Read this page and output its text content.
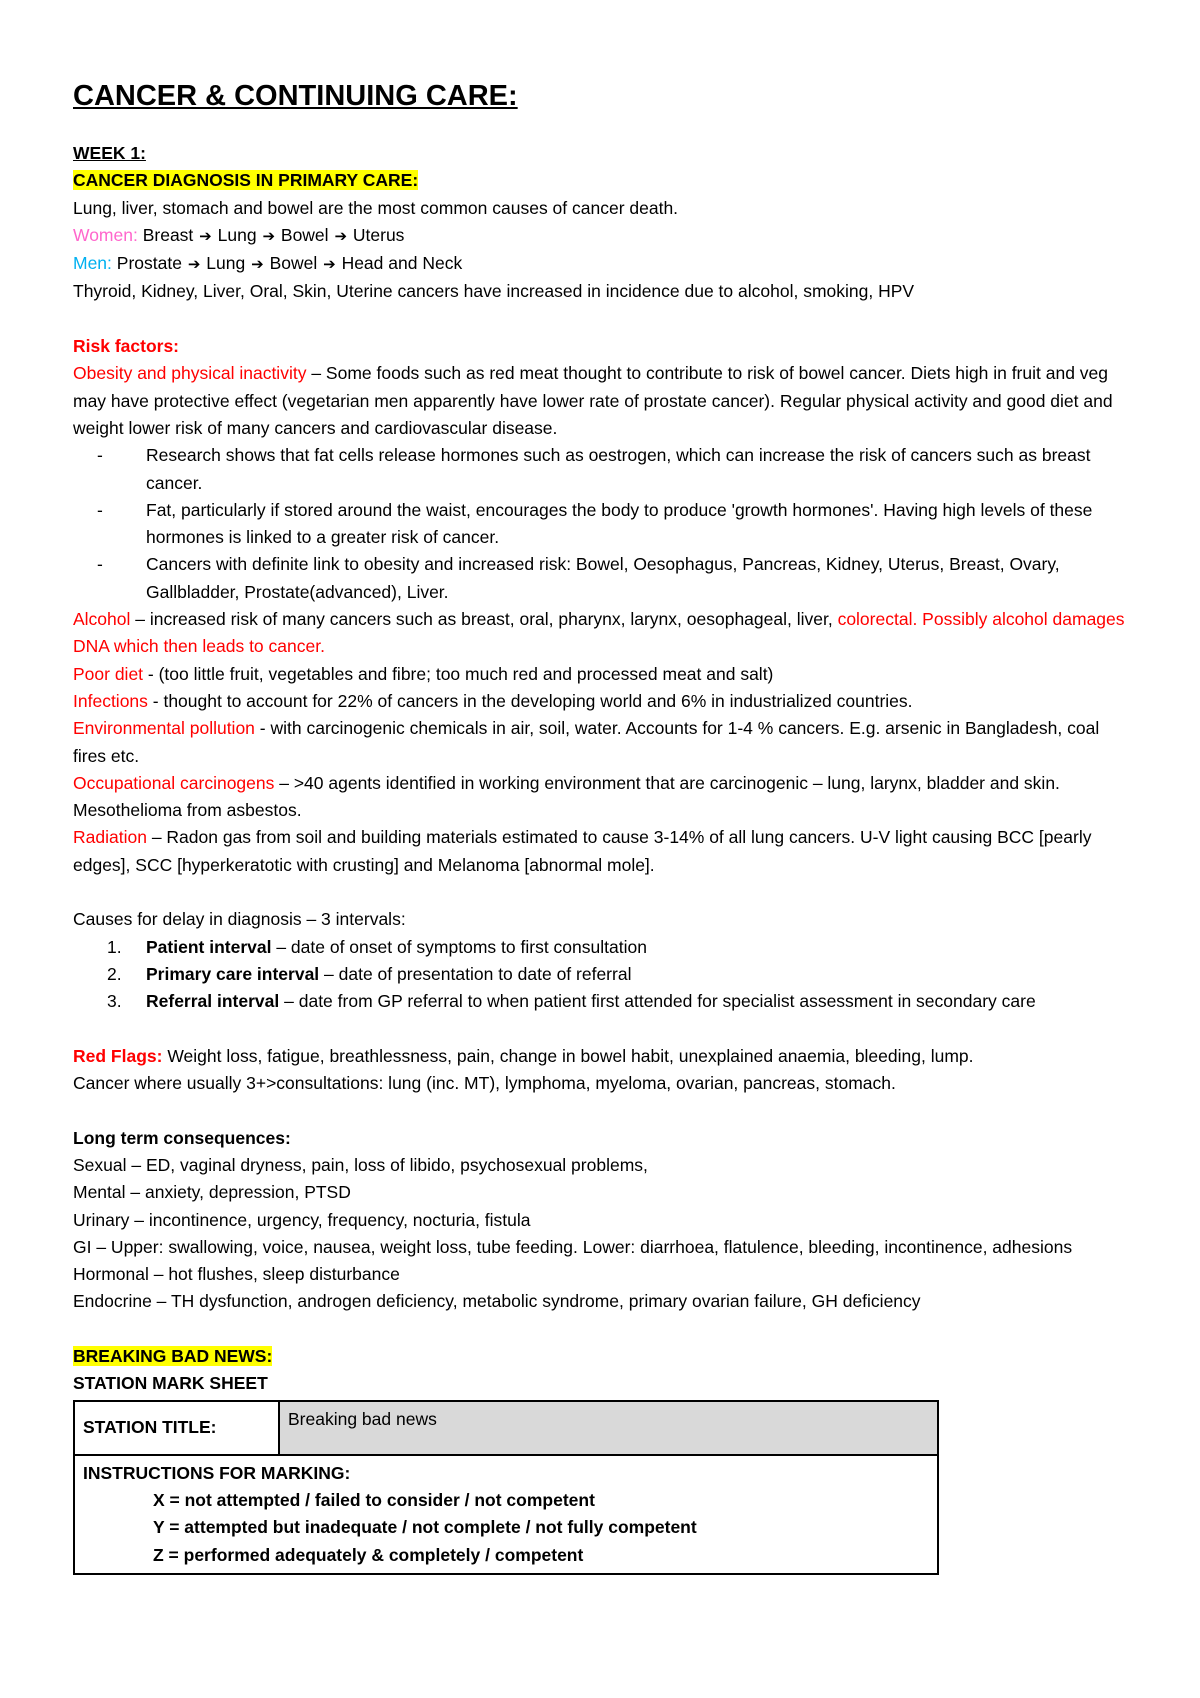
CANCER & CONTINUING CARE:
WEEK 1:
CANCER DIAGNOSIS IN PRIMARY CARE:
Lung, liver, stomach and bowel are the most common causes of cancer death.
Women: Breast ➔ Lung ➔ Bowel ➔ Uterus
Men: Prostate ➔ Lung ➔ Bowel ➔ Head and Neck
Thyroid, Kidney, Liver, Oral, Skin, Uterine cancers have increased in incidence due to alcohol, smoking, HPV
Risk factors:
Obesity and physical inactivity – Some foods such as red meat thought to contribute to risk of bowel cancer. Diets high in fruit and veg may have protective effect (vegetarian men apparently have lower rate of prostate cancer). Regular physical activity and good diet and weight lower risk of many cancers and cardiovascular disease.
- Research shows that fat cells release hormones such as oestrogen, which can increase the risk of cancers such as breast cancer.
- Fat, particularly if stored around the waist, encourages the body to produce 'growth hormones'. Having high levels of these hormones is linked to a greater risk of cancer.
- Cancers with definite link to obesity and increased risk: Bowel, Oesophagus, Pancreas, Kidney, Uterus, Breast, Ovary, Gallbladder, Prostate(advanced), Liver.
Alcohol – increased risk of many cancers such as breast, oral, pharynx, larynx, oesophageal, liver, colorectal. Possibly alcohol damages DNA which then leads to cancer.
Poor diet - (too little fruit, vegetables and fibre; too much red and processed meat and salt)
Infections - thought to account for 22% of cancers in the developing world and 6% in industrialized countries.
Environmental pollution - with carcinogenic chemicals in air, soil, water. Accounts for 1-4 % cancers. E.g. arsenic in Bangladesh, coal fires etc.
Occupational carcinogens – >40 agents identified in working environment that are carcinogenic – lung, larynx, bladder and skin. Mesothelioma from asbestos.
Radiation – Radon gas from soil and building materials estimated to cause 3-14% of all lung cancers. U-V light causing BCC [pearly edges], SCC [hyperkeratotic with crusting] and Melanoma [abnormal mole].
Causes for delay in diagnosis – 3 intervals:
1. Patient interval – date of onset of symptoms to first consultation
2. Primary care interval – date of presentation to date of referral
3. Referral interval – date from GP referral to when patient first attended for specialist assessment in secondary care
Red Flags: Weight loss, fatigue, breathlessness, pain, change in bowel habit, unexplained anaemia, bleeding, lump.
Cancer where usually 3+>consultations: lung (inc. MT), lymphoma, myeloma, ovarian, pancreas, stomach.
Long term consequences:
Sexual – ED, vaginal dryness, pain, loss of libido, psychosexual problems,
Mental – anxiety, depression, PTSD
Urinary – incontinence, urgency, frequency, nocturia, fistula
GI – Upper: swallowing, voice, nausea, weight loss, tube feeding. Lower: diarrhoea, flatulence, bleeding, incontinence, adhesions
Hormonal – hot flushes, sleep disturbance
Endocrine – TH dysfunction, androgen deficiency, metabolic syndrome, primary ovarian failure, GH deficiency
BREAKING BAD NEWS:
STATION MARK SHEET
STATION TITLE:	Breaking bad news

INSTRUCTIONS FOR MARKING:
X = not attempted / failed to consider / not competent
Y = attempted but inadequate / not complete / not fully competent
Z = performed adequately & completely / competent
